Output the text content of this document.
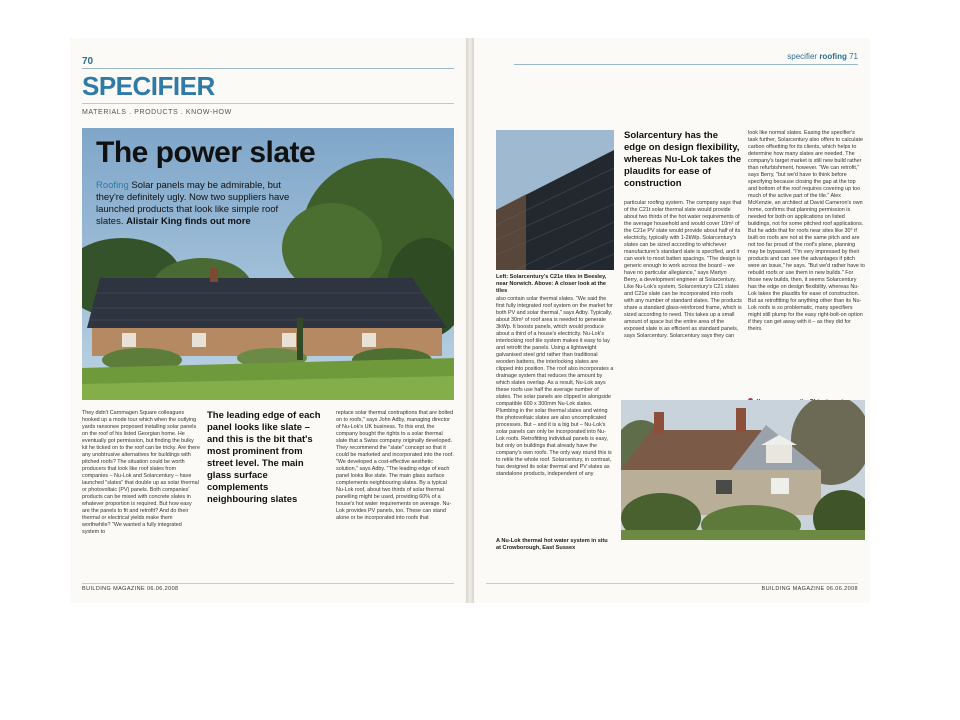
70
SPECIFIER
MATERIALS . PRODUCTS . KNOW-HOW
The power slate
Roofing Solar panels may be admirable, but they're definitely ugly. Now two suppliers have launched products that look like simple roof slates. Alistair King finds out more
They didn't Carnmagen Square colleagues hooked up a mode tour which when the outlying yards ransonee proposed installing solar panels on the roof of his listed Georgian home. He eventually got permission, but finding the bulky kit he ticked on to the roof can be tricky. Are there any unobtrusive alternatives for buildings with pitched roofs? The situation could be worth producers that look like roof slates from companies – Nu-Lok and Solarcentury – have launched "slates" that double up as solar thermal or photovoltaic (PV) panels. Both companies' products can be mixed with concrete slates in whatever proportion is required. But how easy are the panels to fit and retrofit? And do their thermal or electrical yields make them worthwhile? "We wanted a fully integrated system to
The leading edge of each panel looks like slate – and this is the bit that's most prominent from street level. The main glass surface complements neighbouring slates
replace solar thermal contraptions that are bolted on to roofs," says John Adby, managing director of Nu-Lok's UK business. To this end, the company bought the rights to a solar thermal slate that a Swiss company originally developed. They recommend the "slate" concept so that it could be marketed and incorporated into the roof. "We developed a cost-effective aesthetic solution," says Adby. "The leading edge of each panel looks like slate. The main glass surface complements neighbouring slates. By a typical Nu-Lok roof, about two thirds of solar thermal panelling might be used, providing 60% of a house's hot water requirements on average. Nu-Lok provides PV panels, too. These can stand alone or be incorporated into roofs that
BUILDING MAGAZINE 06.06.2008
specifier roofing 71
Left: Solarcentury's C21e tiles in Beesley, near Norwich. Above: A closer look at the tiles
Solarcentury has the edge on design flexibility, whereas Nu-Lok takes the plaudits for ease of construction
also contain solar thermal slates. "We said the first fully integrated roof system on the market for both PV and solar thermal," says Adby. Typically, about 30m² of roof area is needed to generate 3kWp. It boosts panels, which would produce about a third of a house's electricity. Nu-Lok's interlocking roof tile system makes it easy to lay and retrofit the panels. Using a lightweight galvanised steel grid rather than traditional wooden battens, the interlocking slates are clipped into position. The roof also incorporates a drainage system that reduces the amount by which slates overlap. As a result, Nu-Lok says these roofs use half the average number of slates. The solar panels are clipped in alongside compatible 600 x 300mm Nu-Lok slates. Plumbing in the solar thermal slates and wiring the photovoltaic slates are also uncomplicated processes. But – and it is a big but – Nu-Lok's solar panels can only be incorporated into Nu-Lok roofs. Retrofitting individual panels is easy, but only on buildings that already have the company's own roofs. The only way round this is to retile the whole roof. Solarcentury, in contrast, has designed its solar thermal and PV slates as standalone products, independent of any
particular roofing system. The company says that of the C21t solar thermal slate would provide about two thirds of the hot water requirements of the average household and would cover 10m² of the C21e PV slate would provide about half of its electricity, typically with 1-2kWp. Solarcentury's slates can be sized according to whichever manufacturer's standard slate is specified, and it can work to most batten spacings. "The design is generic enough to work across the board – we have no particular allegiance," says Martyn Berry, a development engineer at Solarcentury. Like Nu-Lok's system, Solarcentury's C21 slates and C21e slate can be incorporated into roofs with any number of standard slates. The products share a standard glass-reinforced frame, which is sized according to need. This takes up a small amount of space but the entire area of the exposed slate is as efficient as standard panels, says Solarcentury. Solarcentury says they can
look like normal slates. Easing the specifier's task further, Solarcentury also offers to calculate carbon offsetting for its clients, which helps to determine how many slates are needed. The company's target market is still new build rather than refurbishment, however. "We can retrofit," says Berry, "but we'd have to think before specifying because closing the gap at the top and bottom of the roof requires covering up too much of the active part of the tile." Alex McKenzie, an architect at David Cameron's own home, confirms that planning permission is needed for both on applications on listed buildings, not for some pitched roof applications. But he adds that for roofs near sites like 30° if built on roofs are not at the same pitch and are not too far proud of the roof's plane, planning may be bypassed. "I'm very impressed by their products and can see the advantages if pitch were an issue," he says. "But we'd rather have to rebuild roofs or use them in new builds." For those new builds, then, it seems Solarcentury has the edge on design flexibility, whereas Nu-Lok takes the plaudits for ease of construction. But as retrofitting for anything other than its Nu-Lok roofs is so problematic, many specifiers might still plump for the easy right-bolt-on option if they can get away with it – as they did for theirs.
A Nu-Lok thermal hot water system in situ at Crowborough, East Sussex
BUILDING MAGAZINE 06.06.2008
